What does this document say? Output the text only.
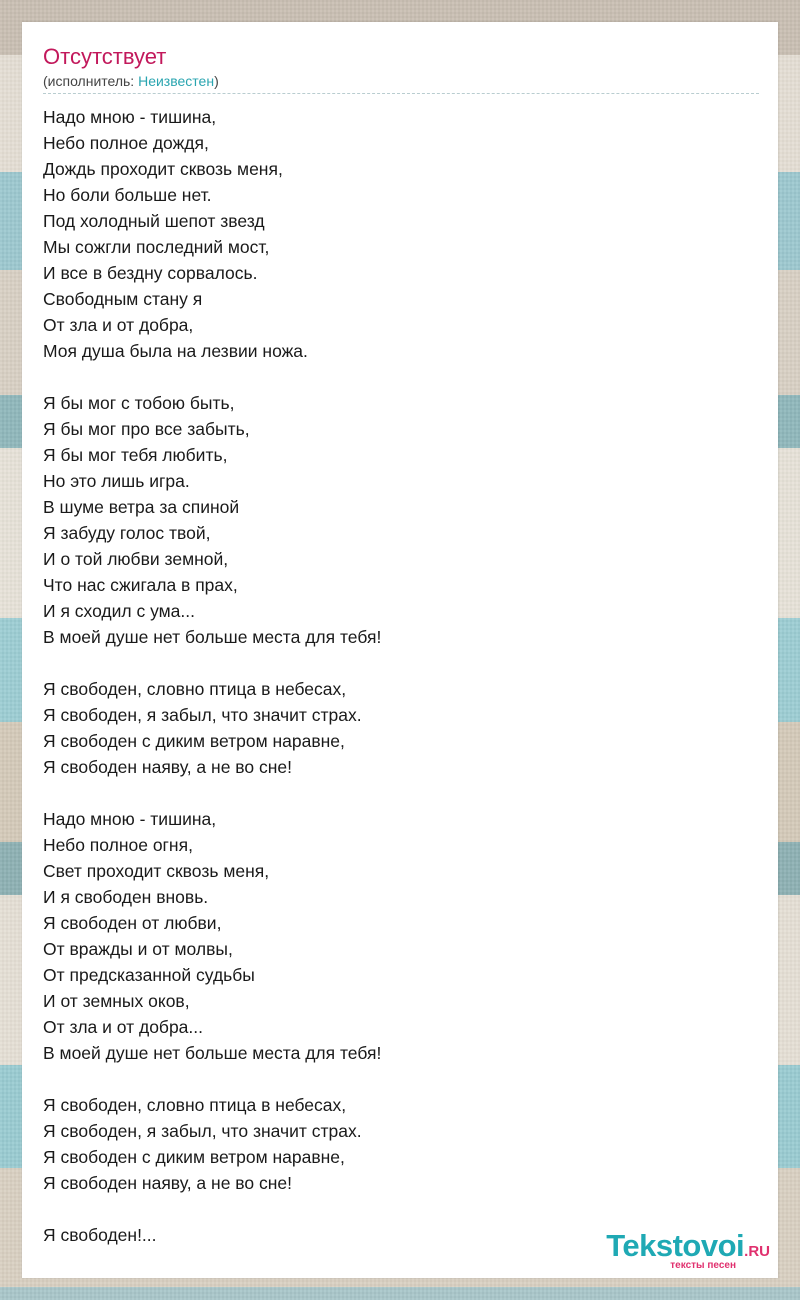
Отсутствует
(исполнитель: Неизвестен)
Надо мною - тишина,
Небо полное дождя,
Дождь проходит сквозь меня,
Но боли больше нет.
Под холодный шепот звезд
Мы сожгли последний мост,
И все в бездну сорвалось.
Свободным стану я
От зла и от добра,
Моя душа была на лезвии ножа.
Я бы мог с тобою быть,
Я бы мог про все забыть,
Я бы мог тебя любить,
Но это лишь игра.
В шуме ветра за спиной
Я забуду голос твой,
И о той любви земной,
Что нас сжигала в прах,
И я сходил с ума...
В моей душе нет больше места для тебя!
Я свободен, словно птица в небесах,
Я свободен, я забыл, что значит страх.
Я свободен с диким ветром наравне,
Я свободен наяву, а не во сне!
Надо мною - тишина,
Небо полное огня,
Свет проходит сквозь меня,
И я свободен вновь.
Я свободен от любви,
От вражды и от молвы,
От предсказанной судьбы
И от земных оков,
От зла и от добра...
В моей душе нет больше места для тебя!
Я свободен, словно птица в небесах,
Я свободен, я забыл, что значит страх.
Я свободен с диким ветром наравне,
Я свободен наяву, а не во сне!
Я свободен!...	Tekstovoi.RU
тексты песен
